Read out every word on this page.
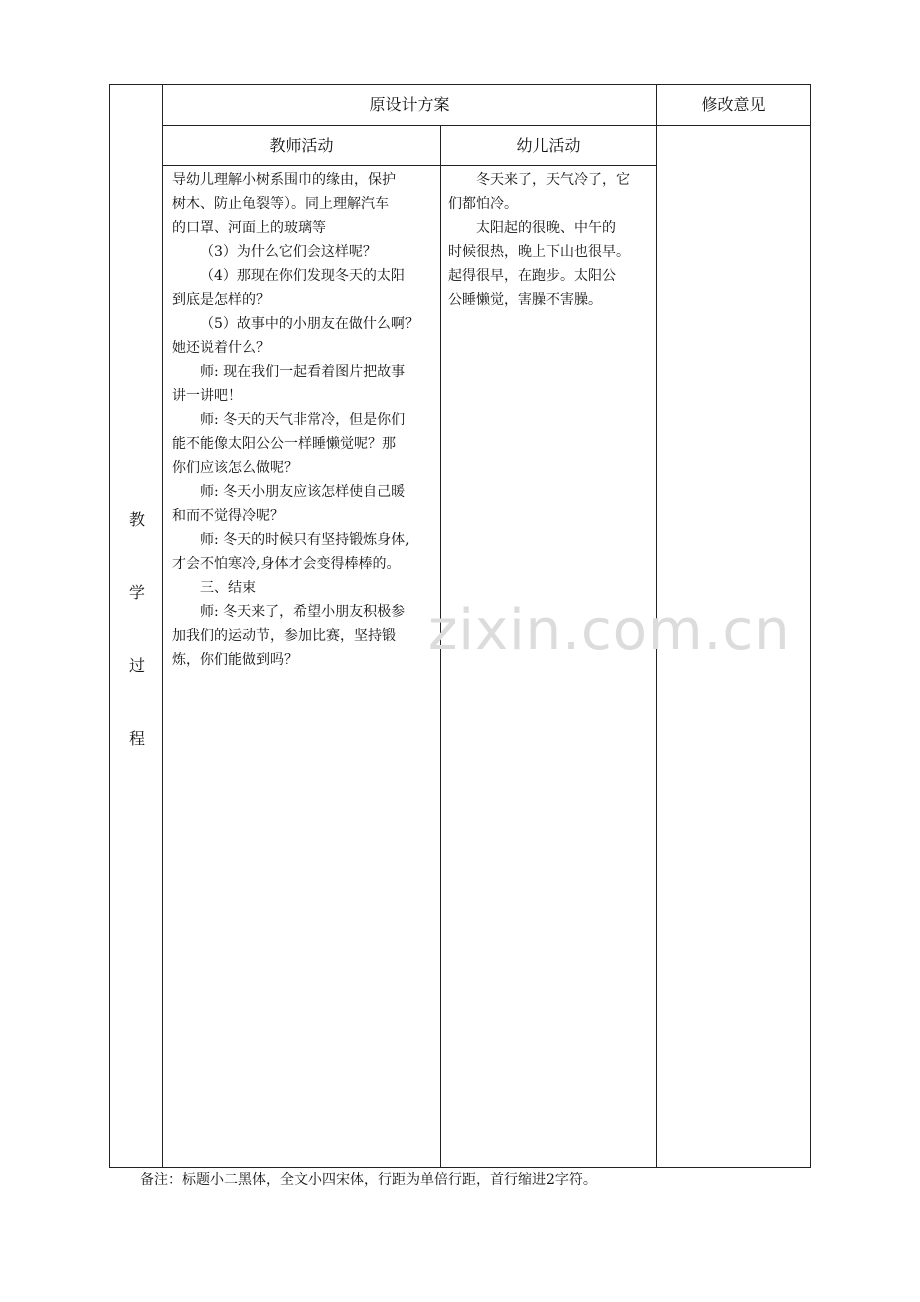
原设计方案	修改意见
教师活动	幼儿活动
教
学
过
程

导幼儿理解小树系围巾的缘由，保护

树木、防止龟裂等）。同上理解汽车

的口罩、河面上的玻璃等

（3）为什么它们会这样呢？

（4）那现在你们发现冬天的太阳

到底是怎样的？

（5）故事中的小朋友在做什么啊？

她还说着什么？

师: 现在我们一起看着图片把故事

讲一讲吧！

师: 冬天的天气非常冷，但是你们

能不能像太阳公公一样睡懒觉呢？那

你们应该怎么做呢？

师: 冬天小朋友应该怎样使自己暖

和而不觉得冷呢？

师: 冬天的时候只有坚持锻炼身体,

才会不怕寒冷,身体才会变得棒棒的。

三、结束

师: 冬天来了，希望小朋友积极参

加我们的运动节，参加比赛，坚持锻

炼，你们能做到吗？

冬天来了，天气冷了，它

们都怕冷。

太阳起的很晚、中午的

时候很热，晚上下山也很早。

起得很早，在跑步。太阳公

公睡懒觉，害臊不害臊。

zixin.com.cn
备注：标题小二黑体，全文小四宋体，行距为单倍行距，首行缩进2字符。
